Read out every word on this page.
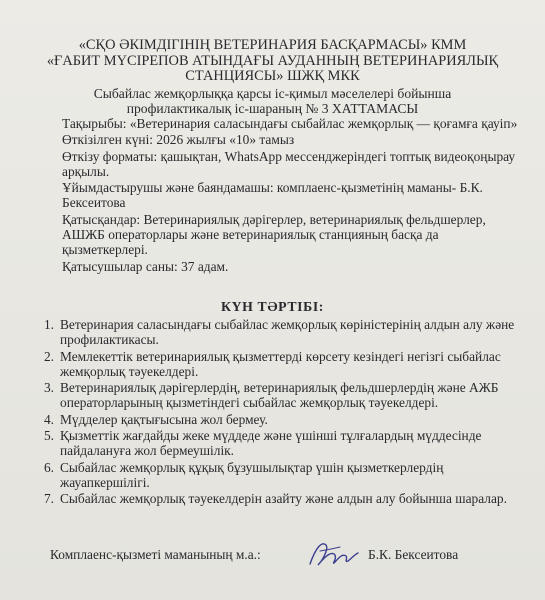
«СҚО ӘКІМДІГІНІҢ ВЕТЕРИНАРИЯ БАСҚАРМАСЫ» КММ
«ҒАБИТ МҮСІРЕПОВ АТЫНДАҒЫ АУДАННЫҢ ВЕТЕРИНАРИЯЛЫҚ
СТАНЦИЯСЫ» ШЖҚ МКК
Сыбайлас жемқорлыққа қарсы іс-қимыл мәселелері бойынша
профилактикалық іс-шараның № 3 ХАТТАМАСЫ

Тақырыбы: «Ветеринария саласындағы сыбайлас жемқорлық — қоғамға қауіп»

Өткізілген күні: 2026 жылғы «10» тамыз

Өткізу форматы: қашықтан, WhatsApp мессенджеріндегі топтық видеоқоңырау арқылы.

Ұйымдастырушы және баяндамашы: комплаенс-қызметінің маманы- Б.К. Бексеитова

Қатысқандар: Ветеринариялық дәрігерлер, ветеринариялық фельдшерлер, АШЖБ операторлары және ветеринариялық станцияның басқа да қызметкерлері.

Қатысушылар саны: 37 адам.

КҮН ТӘРТІБІ:
1. Ветеринария саласындағы сыбайлас жемқорлық көріністерінің алдын алу және профилактикасы.
2. Мемлекеттік ветеринариялық қызметтерді көрсету кезіндегі негізгі сыбайлас жемқорлық тәуекелдері.
3. Ветеринариялық дәрігерлердің, ветеринариялық фельдшерлердің және АЖБ операторларының қызметіндегі сыбайлас жемқорлық тәуекелдері.
4. Мүдделер қақтығысына жол бермеу.
5. Қызметтік жағдайды жеке мүддеде және үшінші тұлғалардың мүддесінде пайдалануға жол бермеушілік.
6. Сыбайлас жемқорлық құқық бұзушылықтар үшін қызметкерлердің жауапкершілігі.
7. Сыбайлас жемқорлық тәуекелдерін азайту және алдын алу бойынша шаралар.
Комплаенс-қызметі маманының м.а.:	Б.К. Бексеитова
